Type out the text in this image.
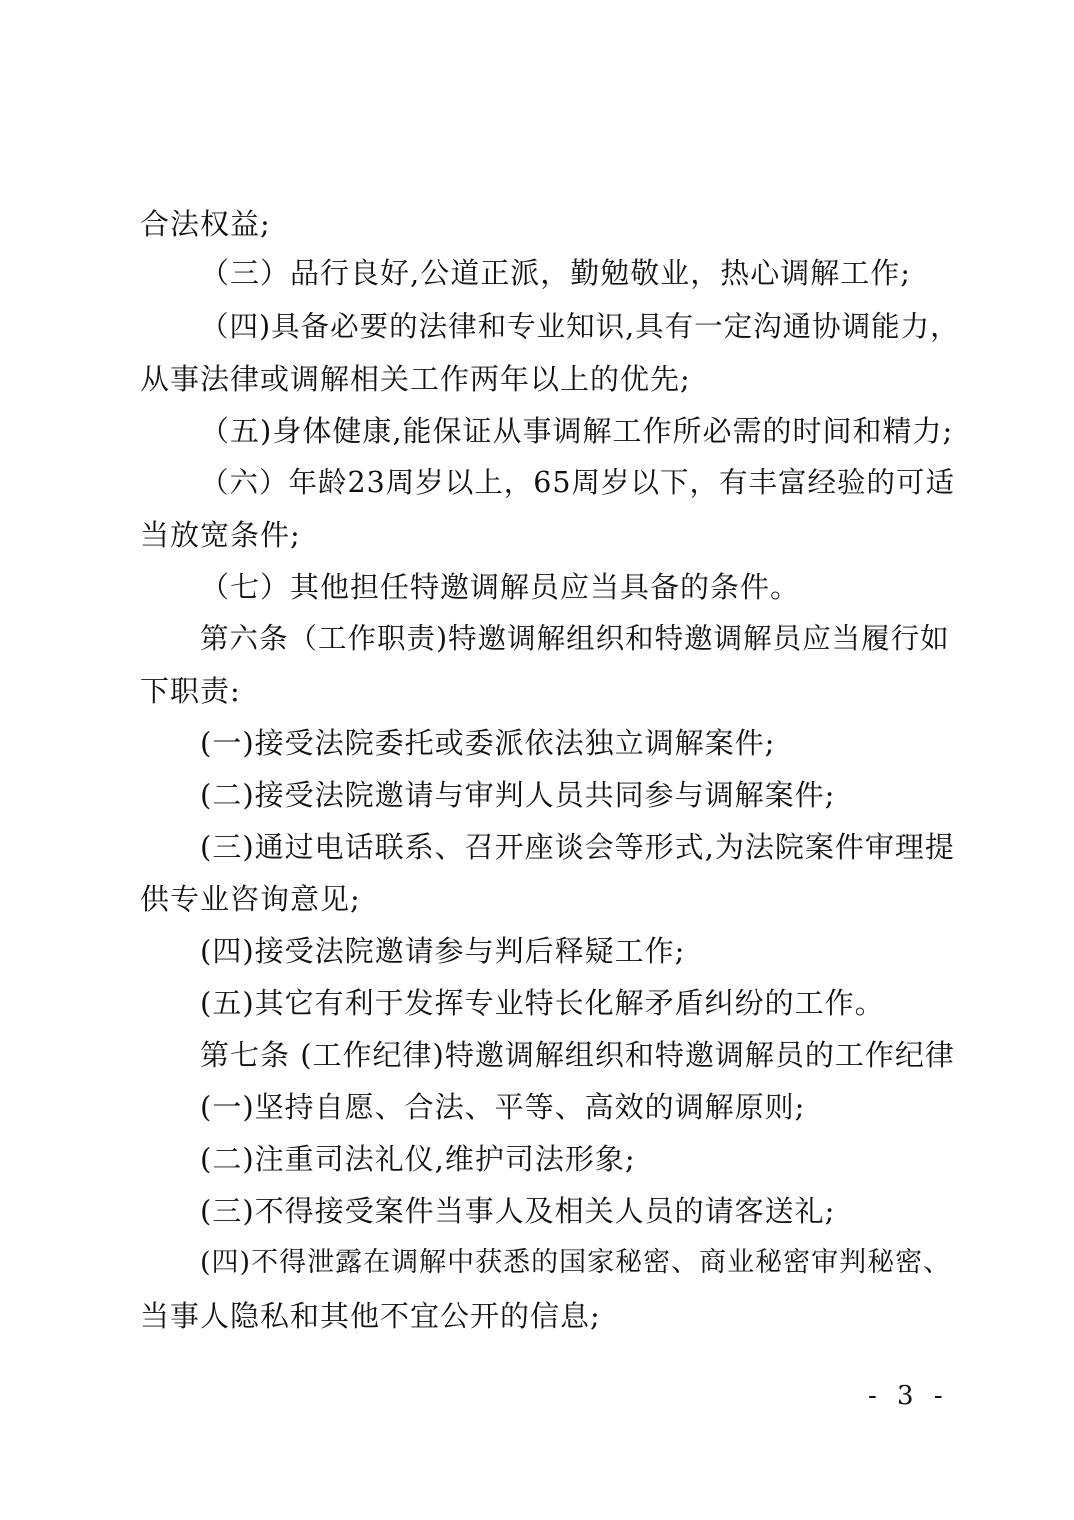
合法权益;
（三）品行良好,公道正派，勤勉敬业，热心调解工作;
（四)具备必要的法律和专业知识,具有一定沟通协调能力，
从事法律或调解相关工作两年以上的优先;
（五)身体健康,能保证从事调解工作所必需的时间和精力;
（六）年龄23周岁以上，65周岁以下，有丰富经验的可适
当放宽条件;
（七）其他担任特邀调解员应当具备的条件。
第六条（工作职责)特邀调解组织和特邀调解员应当履行如
下职责:
(一)接受法院委托或委派依法独立调解案件;
(二)接受法院邀请与审判人员共同参与调解案件;
(三)通过电话联系、召开座谈会等形式,为法院案件审理提
供专业咨询意见;
(四)接受法院邀请参与判后释疑工作;
(五)其它有利于发挥专业特长化解矛盾纠纷的工作。
第七条 (工作纪律)特邀调解组织和特邀调解员的工作纪律
(一)坚持自愿、合法、平等、高效的调解原则;
(二)注重司法礼仪,维护司法形象;
(三)不得接受案件当事人及相关人员的请客送礼;
(四)不得泄露在调解中获悉的国家秘密、商业秘密审判秘密、
当事人隐私和其他不宜公开的信息;
- 3 -
